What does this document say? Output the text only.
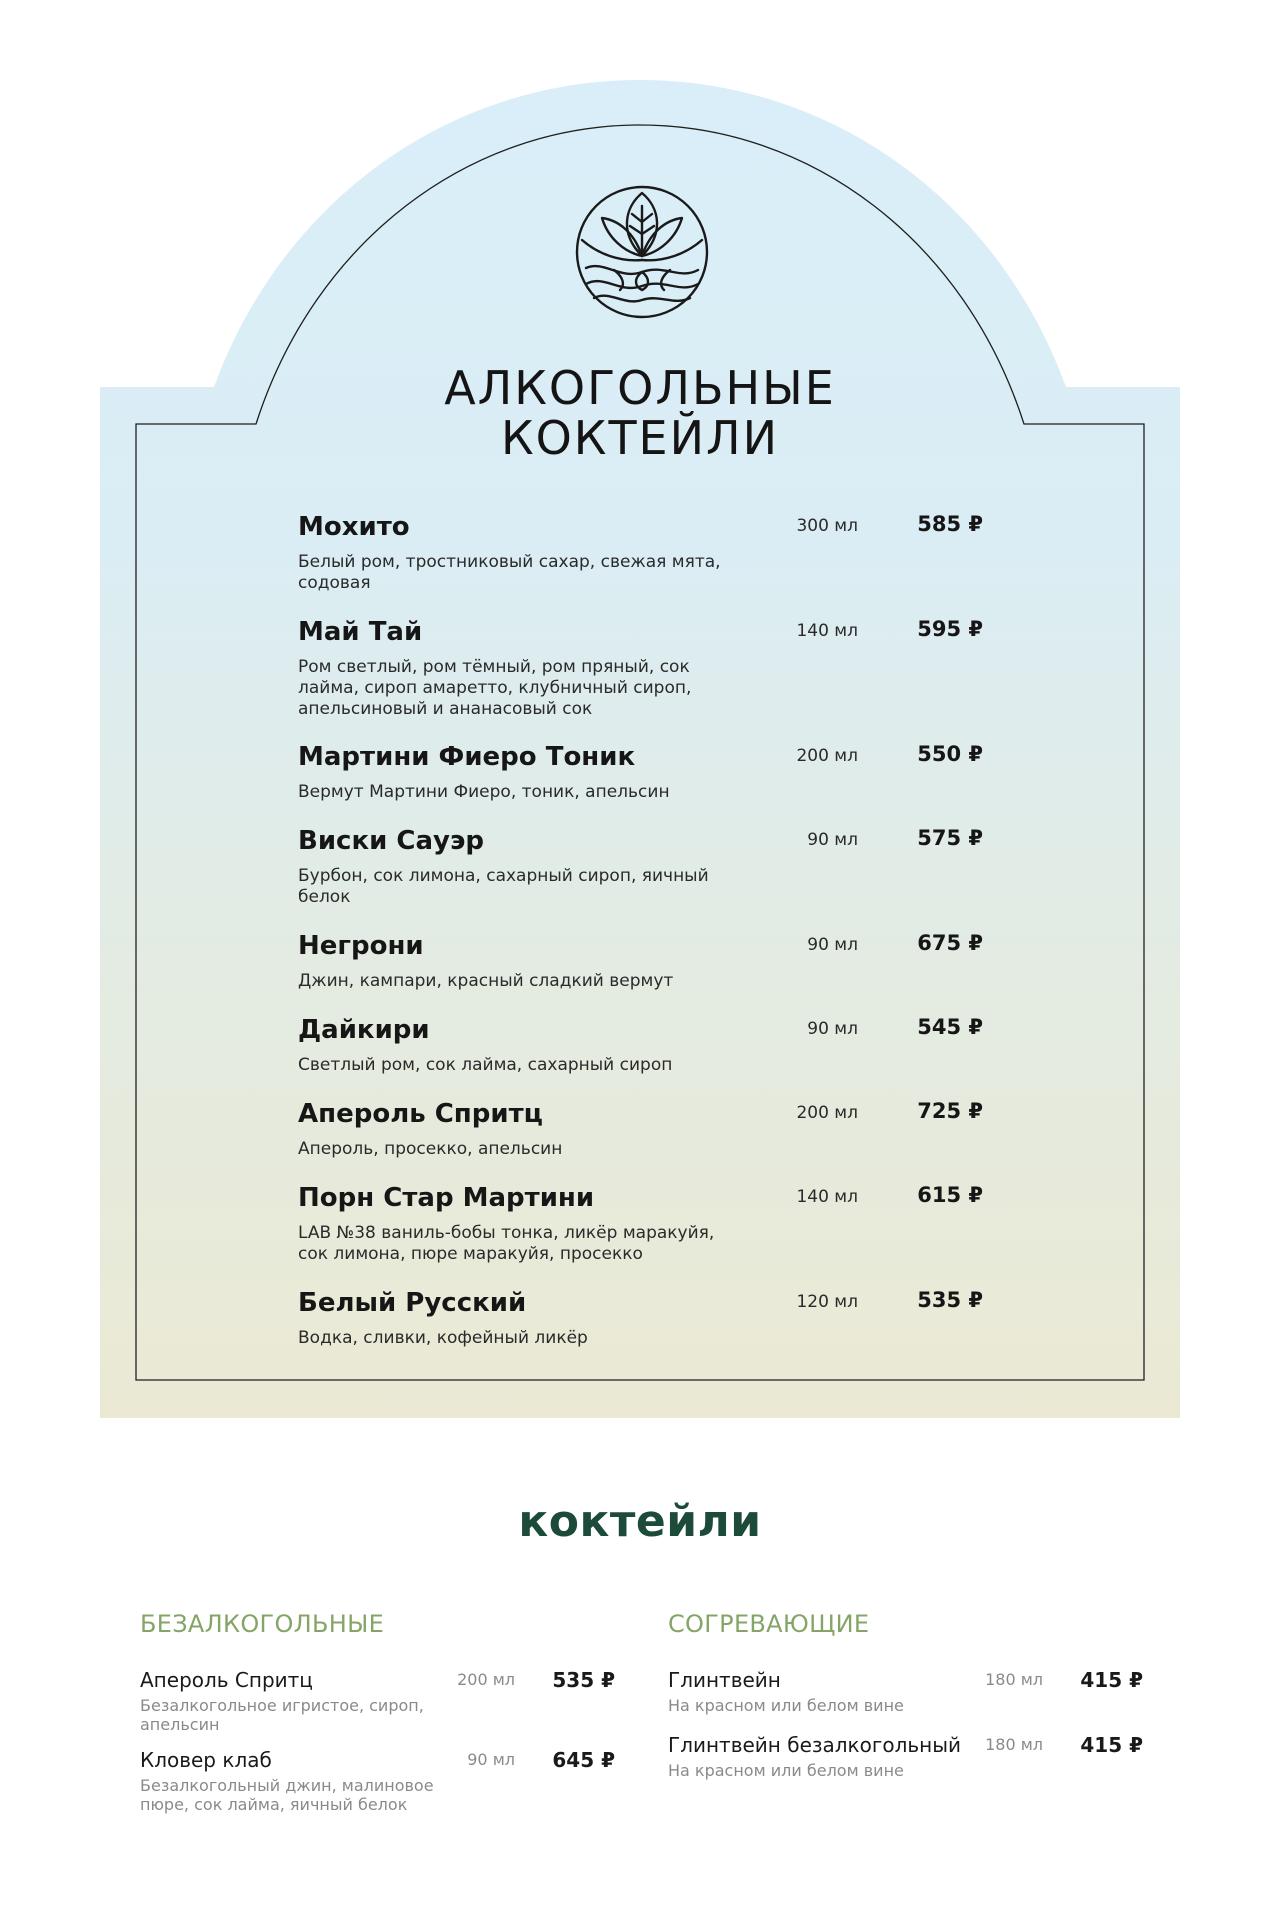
АЛКОГОЛЬНЫЕ
КОКТЕЙЛИ
Мохито
Белый ром, тростниковый сахар, свежая мята, содовая
300 мл	585 ₽
Май Тай
Ром светлый, ром тёмный, ром пряный, сок лайма, сироп амаретто, клубничный сироп, апельсиновый и ананасовый сок
140 мл	595 ₽
Мартини Фиеро Тоник
Вермут Мартини Фиеро, тоник, апельсин
200 мл	550 ₽
Виски Сауэр
Бурбон, сок лимона, сахарный сироп, яичный белок
90 мл	575 ₽
Негрони
Джин, кампари, красный сладкий вермут
90 мл	675 ₽
Дайкири
Светлый ром, сок лайма, сахарный сироп
90 мл	545 ₽
Апероль Спритц
Апероль, просекко, апельсин
200 мл	725 ₽
Порн Стар Мартини
LAB №38 ваниль-бобы тонка, ликёр маракуйя, сок лимона, пюре маракуйя, просекко
140 мл	615 ₽
Белый Русский
Водка, сливки, кофейный ликёр
120 мл	535 ₽
коктейли
БЕЗАЛКОГОЛЬНЫЕ	СОГРЕВАЮЩИЕ
Апероль Спритц
Безалкогольное игристое, сироп, апельсин
200 мл	535 ₽
Кловер клаб
Безалкогольный джин, малиновое пюре, сок лайма, яичный белок
90 мл	645 ₽
Глинтвейн
На красном или белом вине
180 мл	415 ₽
Глинтвейн безалкогольный
На красном или белом вине
180 мл	415 ₽
